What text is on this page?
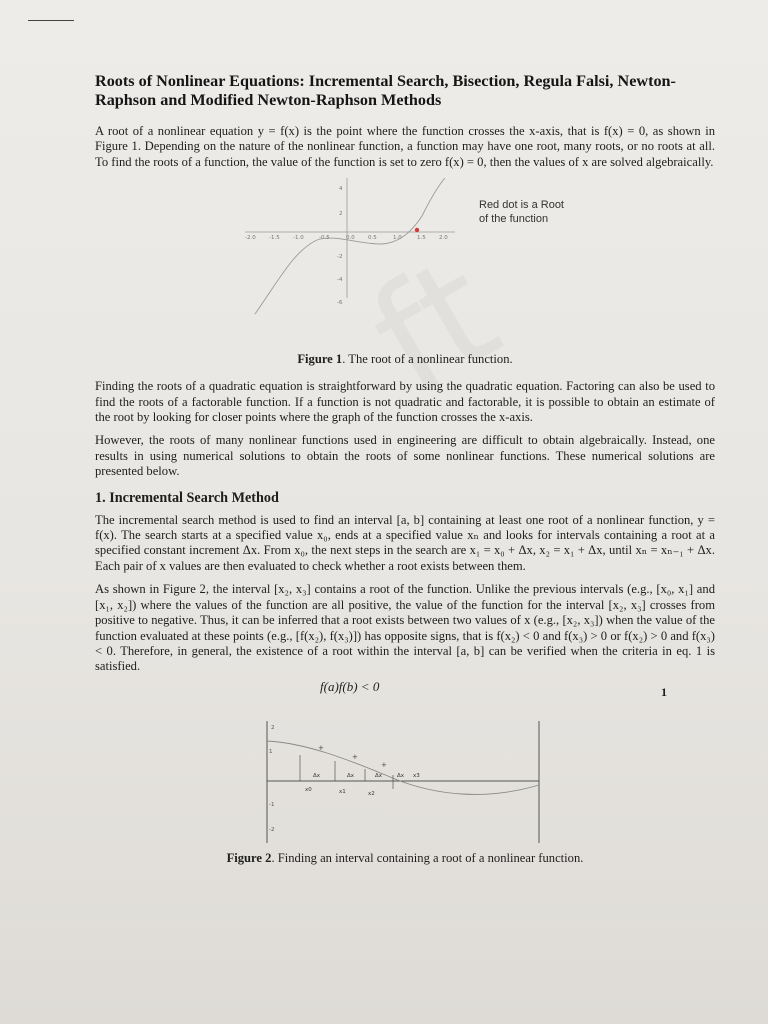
Roots of Nonlinear Equations: Incremental Search, Bisection, Regula Falsi, Newton-Raphson and Modified Newton-Raphson Methods

A root of a nonlinear equation y = f(x) is the point where the function crosses the x-axis, that is f(x) = 0, as shown in Figure 1. Depending on the nature of the nonlinear function, a function may have one root, many roots, or no roots at all. To find the roots of a function, the value of the function is set to zero f(x) = 0, then the values of x are solved algebraically.

-2.0 -1.5 -1.0	-0.5	0.0 0.5	1.0	1.5 2.0
4
2
-2
-4
-6
Red dot is a Root
of the function
Figure 1. The root of a nonlinear function.

Finding the roots of a quadratic equation is straightforward by using the quadratic equation. Factoring can also be used to find the roots of a factorable function. If a function is not quadratic and factorable, it is possible to obtain an estimate of the root by looking for closer points where the graph of the function crosses the x-axis.

However, the roots of many nonlinear functions used in engineering are difficult to obtain algebraically. Instead, one results in using numerical solutions to obtain the roots of some nonlinear functions. These numerical solutions are presented below.

1. Incremental Search Method

The incremental search method is used to find an interval [a, b] containing at least one root of a nonlinear function, y = f(x). The search starts at a specified value x₀, ends at a specified value xₙ and looks for intervals containing a root at a specified constant increment Δx. From x₀, the next steps in the search are x₁ = x₀ + Δx, x₂ = x₁ + Δx, until xₙ = xₙ₋₁ + Δx. Each pair of x values are then evaluated to check whether a root exists between them.

As shown in Figure 2, the interval [x₂, x₃] contains a root of the function. Unlike the previous intervals (e.g., [x₀, x₁] and [x₁, x₂]) where the values of the function are all positive, the value of the function for the interval [x₂, x₃] crosses from positive to negative. Thus, it can be inferred that a root exists between two values of x (e.g., [x₂, x₃]) when the value of the function evaluated at these points (e.g., [f(x₂), f(x₃)]) has opposite signs, that is f(x₂) < 0 and f(x₃) > 0 or f(x₂) > 0 and f(x₃) < 0. Therefore, in general, the existence of a root within the interval [a, b] can be verified when the criteria in eq. 1 is satisfied.

f(a)f(b) < 0	1
+
+
+
2
1
-1
-2
Δx	Δx	Δx	Δx x3
x0	x1	x2
Figure 2. Finding an interval containing a root of a nonlinear function.
